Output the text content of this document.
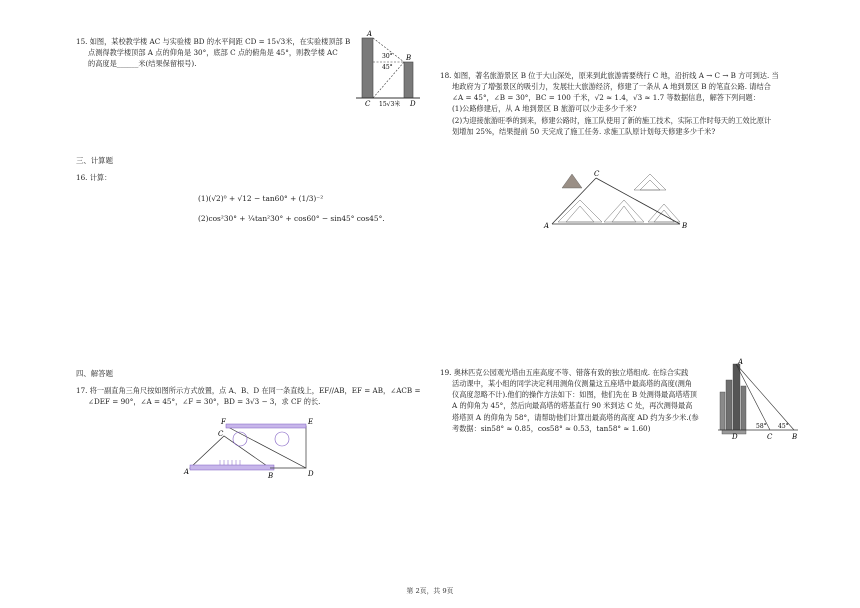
15. 如图，某校教学楼 AC 与实验楼 BD 的水平间距 CD = 15√3米，在实验楼顶部 B
点测得教学楼顶部 A 点的仰角是 30°，底部 C 点的俯角是 45°，则教学楼 AC
的高度是______米(结果保留根号).
A
B
C	D
30°
45°
15√3米
三、计算题
16. 计算：
(1)(√2)⁰ + √12 − tan60° + (1/3)⁻²
(2)cos²30° + ¼tan²30° + cos60° − sin45° cos45°.
四、解答题
17. 将一副直角三角尺按如图所示方式放置，点 A、B、D 在同一条直线上，EF//AB，EF = AB，∠ACB =
∠DEF = 90°，∠A = 45°，∠F = 30°，BD = 3√3 − 3，求 CF 的长.
F	E
C
A	B	D
18. 如图，著名旅游景区 B 位于大山深处，原来到此旅游需要绕行 C 地，沿折线 A → C → B 方可到达. 当
地政府为了增强景区的吸引力，发展壮大旅游经济，修建了一条从 A 地到景区 B 的笔直公路. 请结合
∠A = 45°，∠B = 30°，BC = 100 千米，√2 ≈ 1.4，√3 ≈ 1.7 等数据信息，解答下列问题：
(1)公路修建后，从 A 地到景区 B 旅游可以少走多少千米?
(2)为迎接旅游旺季的到来，修建公路时，施工队使用了新的施工技术，实际工作时每天的工效比原计
划增加 25%，结果提前 50 天完成了施工任务. 求施工队原计划每天修建多少千米?
A	B
C
19. 奥林匹克公园观光塔由五座高度不等、错落有致的独立塔组成. 在综合实践
活动课中，某小组的同学决定利用测角仪测量这五座塔中最高塔的高度(测角
仪高度忽略不计).他们的操作方法如下：如图，他们先在 B 处测得最高塔塔顶
A 的仰角为 45°，然后向最高塔的塔基直行 90 米到达 C 处，再次测得最高
塔塔顶 A 的仰角为 58°，请帮助他们计算出最高塔的高度 AD 约为多少米.(参
考数据：sin58° ≈ 0.85，cos58° ≈ 0.53，tan58° ≈ 1.60)
A
D	C	B
58° 45°
第 2页，共 9页
